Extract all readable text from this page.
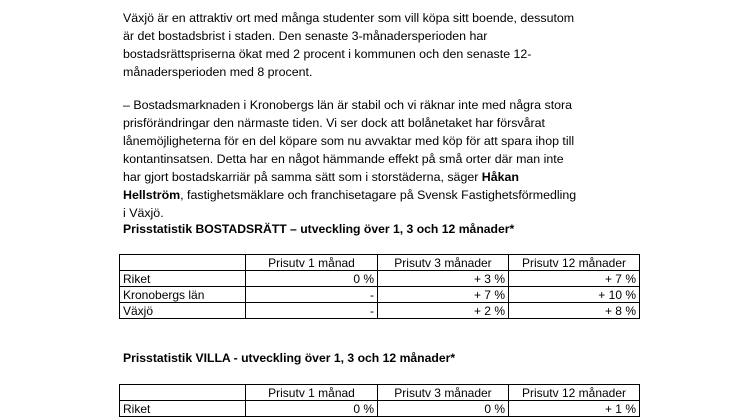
Växjö är en attraktiv ort med många studenter som vill köpa sitt boende, dessutom
är det bostadsbrist i staden. Den senaste 3-månadersperioden har
bostadsrättspriserna ökat med 2 procent i kommunen och den senaste 12-
månadersperioden med 8 procent.
– Bostadsmarknaden i Kronobergs län är stabil och vi räknar inte med några stora
prisförändringar den närmaste tiden. Vi ser dock att bolånetaket har försvårat
lånemöjligheterna för en del köpare som nu avvaktar med köp för att spara ihop till
kontantinsatsen. Detta har en något hämmande effekt på små orter där man inte
har gjort bostadskarriär på samma sätt som i storstäderna, säger Håkan
Hellström, fastighetsmäklare och franchisetagare på Svensk Fastighetsförmedling
i Växjö.
Prisstatistik BOSTADSRÄTT – utveckling över 1, 3 och 12 månader*
	Prisutv 1 månad	Prisutv 3 månader	Prisutv 12 månader
Riket	0 %	+ 3 %	+ 7 %
Kronobergs län	-	+ 7 %	+ 10 %
Växjö	-	+ 2 %	+ 8 %
Prisstatistik VILLA - utveckling över 1, 3 och 12 månader*
	Prisutv 1 månad	Prisutv 3 månader	Prisutv 12 månader
Riket	0 %	0 %	+ 1 %
